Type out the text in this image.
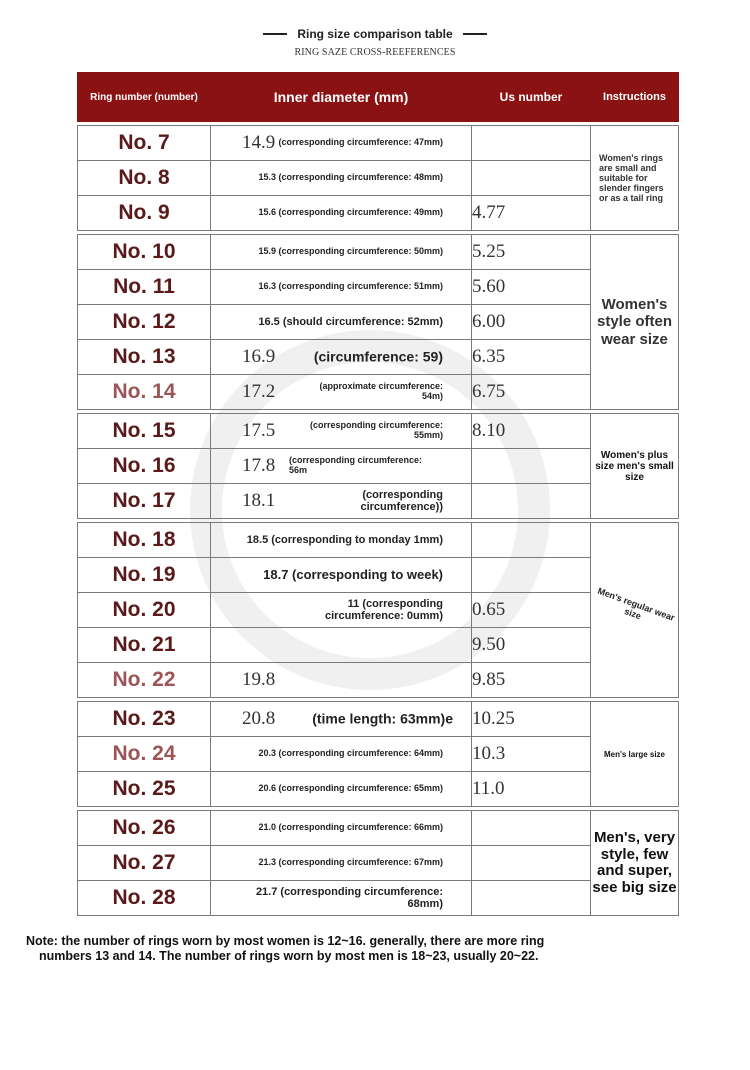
Ring size comparison table
RING SAZE CROSS-REEFERENCES
Ring number (number)	Inner diameter (mm)	Us number	Instructions

No. 7	14.9 (corresponding circumference: 47mm)		Women's rings are small and suitable for slender fingers or as a tail ring

No. 8	15.3 (corresponding circumference: 48mm)		

No. 9	15.6 (corresponding circumference: 49mm)	4.77	

No. 10	15.9 (corresponding circumference: 50mm)	5.25	Women's style often wear size

No. 11	16.3 (corresponding circumference: 51mm)	5.60	
No. 12	16.5 (should circumference: 52mm)	6.00	
No. 13	16.9 (circumference: 59)	6.35	
No. 14	17.2 (approximate circumference: 54m)	6.75	

No. 15	17.5 (corresponding circumference: 55mm)	8.10	Women's plus size men's small size

No. 16	17.8 (corresponding circumference: 56m		

No. 17	18.1 (corresponding circumference))		

No. 18	18.5 (corresponding to monday 1mm)		Men's regular wear size
No. 19	18.7 (corresponding to week)		

No. 20	11 (corresponding circumference: 0umm)	0.65	
No. 21		9.50	
No. 22	19.8	9.85	

No. 23	20.8 (time length: 63mm)e	10.25	Men's large size

No. 24	20.3 (corresponding circumference: 64mm)	10.3	
No. 25	20.6 (corresponding circumference: 65mm)	11.0	

No. 26	21.0 (corresponding circumference: 66mm)		Men's, very style, few and super, see big size

No. 27	21.3 (corresponding circumference: 67mm)		

No. 28	21.7 (corresponding circumference: 68mm)		

Note: the number of rings worn by most women is 12~16. generally, there are more ring
numbers 13 and 14. The number of rings worn by most men is 18~23, usually 20~22.
